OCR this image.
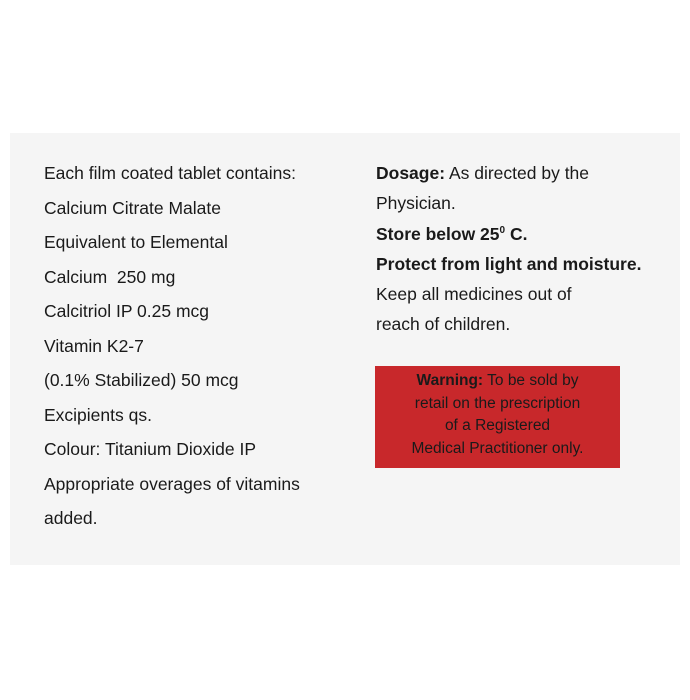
Each film coated tablet contains:
Calcium Citrate Malate
Equivalent to Elemental
Calcium  250 mg
Calcitriol IP 0.25 mcg
Vitamin K2-7
(0.1% Stabilized) 50 mcg
Excipients qs.
Colour: Titanium Dioxide IP
Appropriate overages of vitamins
added.
Dosage: As directed by the
Physician.
Store below $25^0$ C.
Protect from light and moisture.
Keep all medicines out of
reach of children.
Warning: To be sold by
retail on the prescription
of a Registered
Medical Practitioner only.
